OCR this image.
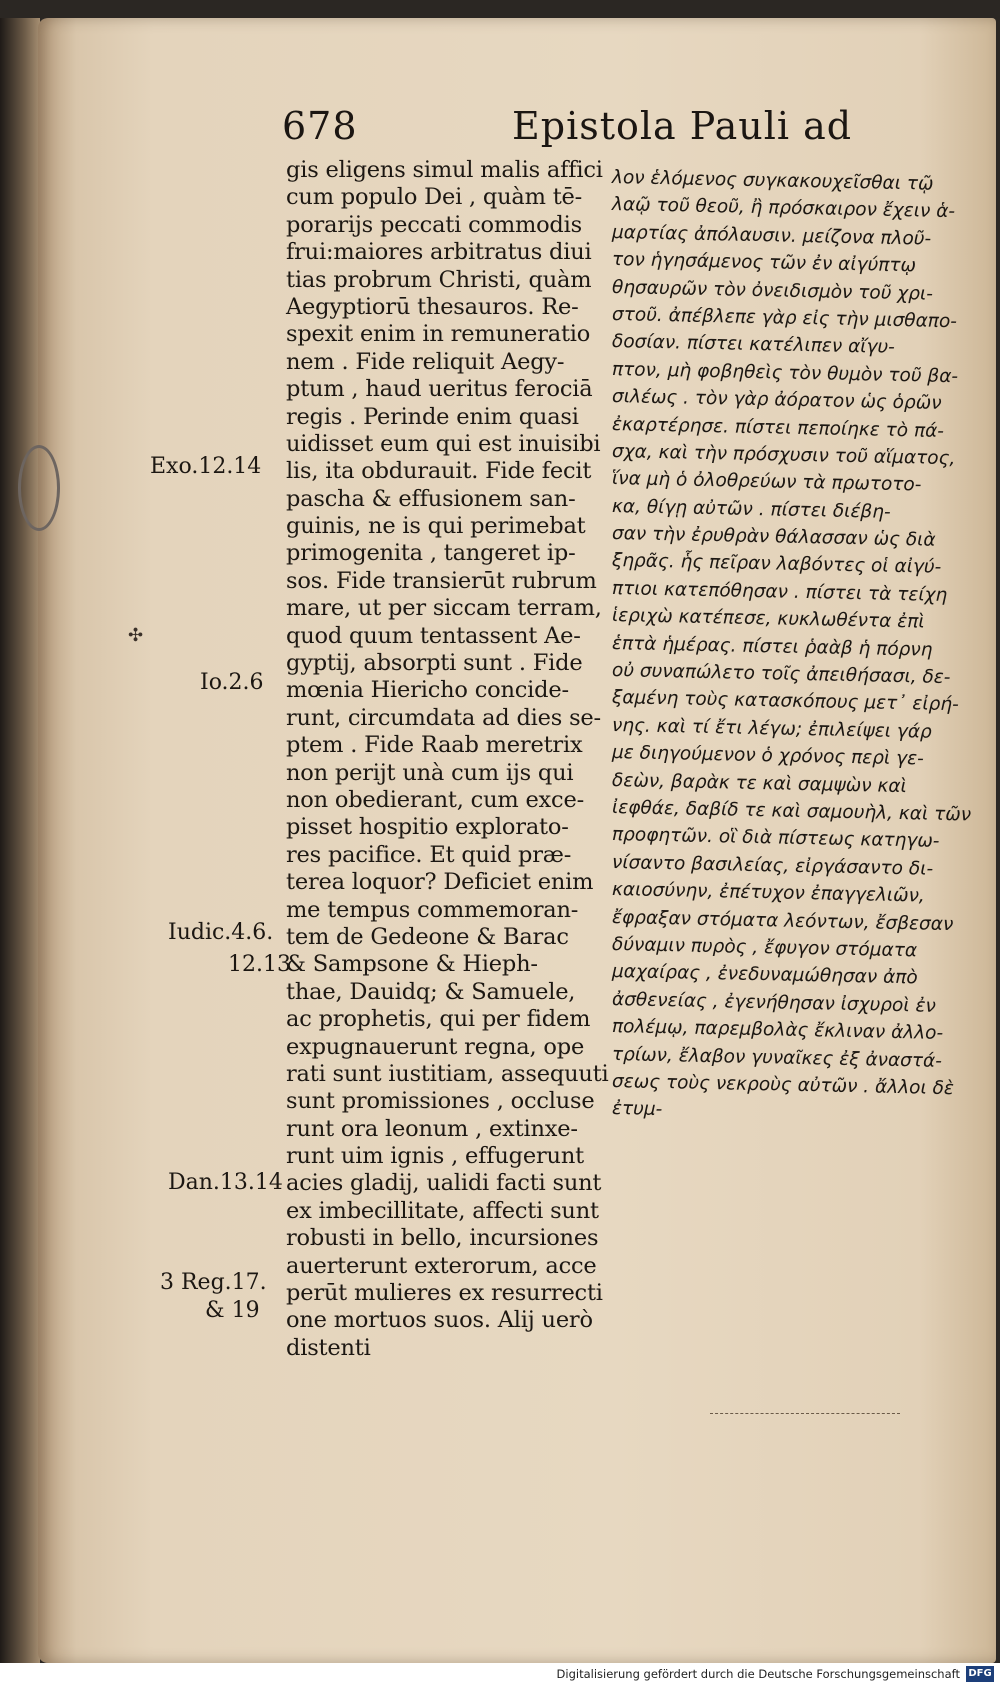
678	Epistola Pauli ad
gis eligens simul malis affici
cum populo Dei , quàm tē-
porarijs peccati commodis
frui:maiores arbitratus diui
tias probrum Christi, quàm
Aegyptiorū thesauros. Re-
spexit enim in remuneratio
nem . Fide reliquit Aegy-
ptum , haud ueritus ferociā
regis . Perinde enim quasi
uidisset eum qui est inuisibi
lis, ita obdurauit. Fide fecit
pascha & effusionem san-
guinis, ne is qui perimebat
primogenita , tangeret ip-
sos. Fide transierūt rubrum
mare, ut per siccam terram,
quod quum tentassent Ae-
gyptij, absorpti sunt . Fide
mœnia Hiericho concide-
runt, circumdata ad dies se-
ptem . Fide Raab meretrix
non perijt unà cum ijs qui
non obedierant, cum exce-
pisset hospitio explorato-
res pacifice. Et quid præ-
terea loquor? Deficiet enim
me tempus commemoran-
tem de Gedeone & Barac
& Sampsone & Hieph-
thae, Dauidq; & Samuele,
ac prophetis, qui per fidem
expugnauerunt regna, ope
rati sunt iustitiam, assequuti
sunt promissiones , occluse
runt ora leonum , extinxe-
runt uim ignis , effugerunt
acies gladij, ualidi facti sunt
ex imbecillitate, affecti sunt
robusti in bello, incursiones
auerterunt exterorum, acce
perūt mulieres ex resurrecti
one mortuos suos. Alij uerò
distenti
λον ἑλόμενος συγκακουχεῖσθαι τῷ
λαῷ τοῦ θεοῦ, ἢ πρόσκαιρον ἔχειν ἁ-
μαρτίας ἀπόλαυσιν. μείζονα πλοῦ-
τον ἡγησάμενος τῶν ἐν αἰγύπτῳ
θησαυρῶν τὸν ὀνειδισμὸν τοῦ χρι-
στοῦ. ἀπέβλεπε γὰρ εἰς τὴν μισθαπο-
δοσίαν. πίστει κατέλιπεν αἴγυ-
πτον, μὴ φοβηθεὶς τὸν θυμὸν τοῦ βα-
σιλέως . τὸν γὰρ ἀόρατον ὡς ὁρῶν
ἐκαρτέρησε. πίστει πεποίηκε τὸ πά-
σχα, καὶ τὴν πρόσχυσιν τοῦ αἵματος,
ἵνα μὴ ὁ ὀλοθρεύων τὰ πρωτοτο-
κα, θίγῃ αὐτῶν . πίστει διέβη-
σαν τὴν ἐρυθρὰν θάλασσαν ὡς διὰ
ξηρᾶς. ἧς πεῖραν λαβόντες οἱ αἰγύ-
πτιοι κατεπόθησαν . πίστει τὰ τείχη
ἱεριχὼ κατέπεσε, κυκλωθέντα ἐπὶ
ἑπτὰ ἡμέρας. πίστει ῥαὰβ ἡ πόρνη
οὐ συναπώλετο τοῖς ἀπειθήσασι, δε-
ξαμένη τοὺς κατασκόπους μετ᾽ εἰρή-
νης. καὶ τί ἔτι λέγω; ἐπιλείψει γάρ
με διηγούμενον ὁ χρόνος περὶ γε-
δεὼν, βαρὰκ τε καὶ σαμψὼν καὶ
ἰεφθάε, δαβίδ τε καὶ σαμουὴλ, καὶ τῶν
προφητῶν. οἳ διὰ πίστεως κατηγω-
νίσαντο βασιλείας, εἰργάσαντο δι-
καιοσύνην, ἐπέτυχον ἐπαγγελιῶν,
ἔφραξαν στόματα λεόντων, ἔσβεσαν
δύναμιν πυρὸς , ἔφυγον στόματα
μαχαίρας , ἐνεδυναμώθησαν ἀπὸ
ἀσθενείας , ἐγενήθησαν ἰσχυροὶ ἐν
πολέμῳ, παρεμβολὰς ἔκλιναν ἀλλο-
τρίων, ἔλαβον γυναῖκες ἐξ ἀναστά-
σεως τοὺς νεκροὺς αὐτῶν . ἄλλοι δὲ
ἐτυμ-
Exo.12.14
Io.2.6
Iudic.4.6.
12.13
Dan.13.14
3 Reg.17.
& 19
✣
Digitalisierung gefördert durch die Deutsche Forschungsgemeinschaft DFG
